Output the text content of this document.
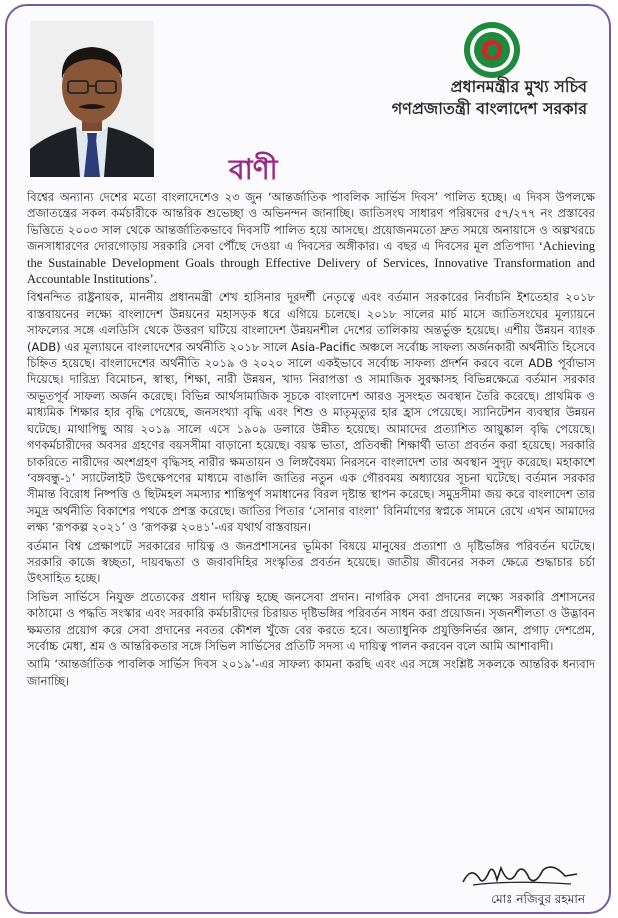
প্রধানমন্ত্রীর মুখ্য সচিব
গণপ্রজাতন্ত্রী বাংলাদেশ সরকার
বাণী

বিশ্বের অন্যান্য দেশের মতো বাংলাদেশেও ২৩ জুন ‘আন্তর্জাতিক পাবলিক সার্ভিস দিবস’ পালিত হচ্ছে। এ দিবস উপলক্ষে প্রজাতন্ত্রের সকল কর্মচারীকে আন্তরিক শুভেচ্ছা ও অভিনন্দন জানাচ্ছি। জাতিসংঘ সাধারণ পরিষদের ৫৭/২৭৭ নং প্রস্তাবের ভিত্তিতে ২০০৩ সাল থেকে আন্তর্জাতিকভাবে দিবসটি পালিত হয়ে আসছে। প্রয়োজনমতো দ্রুত সময়ে অনায়াসে ও অল্পখরচে জনসাধারণের দোরগোড়ায় সরকারি সেবা পৌঁছে দেওয়া এ দিবসের অঙ্গীকার। এ বছর এ দিবসের মূল প্রতিপাদ্য ‘Achieving the Sustainable Development Goals through Effective Delivery of Services, Innovative Transformation and Accountable Institutions’.

বিশ্বনন্দিত রাষ্ট্রনায়ক, মাননীয় প্রধানমন্ত্রী শেখ হাসিনার দূরদর্শী নেতৃত্বে এবং বর্তমান সরকারের নির্বাচনি ইশতেহার ২০১৮ বাস্তবায়নের লক্ষ্যে বাংলাদেশ উন্নয়নের মহাসড়ক ধরে এগিয়ে চলেছে। ২০১৮ সালের মার্চ মাসে জাতিসংঘের মূল্যায়নে সাফল্যের সঙ্গে এলডিসি থেকে উত্তরণ ঘটিয়ে বাংলাদেশ উন্নয়নশীল দেশের তালিকায় অন্তর্ভুক্ত হয়েছে। এশীয় উন্নয়ন ব্যাংক (ADB) এর মূল্যায়নে বাংলাদেশের অর্থনীতি ২০১৮ সালে Asia-Pacific অঞ্চলে সর্বোচ্চ সাফল্য অর্জনকারী অর্থনীতি হিসেবে চিহ্নিত হয়েছে। বাংলাদেশের অর্থনীতি ২০১৯ ও ২০২০ সালে একইভাবে সর্বোচ্চ সাফল্য প্রদর্শন করবে বলে ADB পূর্বাভাস দিয়েছে। দারিদ্র্য বিমোচন, স্বাস্থ্য, শিক্ষা, নারী উন্নয়ন, খাদ্য নিরাপত্তা ও সামাজিক সুরক্ষাসহ বিভিন্নক্ষেত্রে বর্তমান সরকার অভূতপূর্ব সাফল্য অর্জন করেছে। বিভিন্ন আর্থসামাজিক সূচকে বাংলাদেশ আরও সুসংহত অবস্থান তৈরি করেছে। প্রাথমিক ও মাধ্যমিক শিক্ষার হার বৃদ্ধি পেয়েছে, জনসংখ্যা বৃদ্ধি এবং শিশু ও মাতৃমৃত্যুর হার হ্রাস পেয়েছে। স্যানিটেশন ব্যবস্থার উন্নয়ন ঘটেছে। মাথাপিছু আয় ২০১৯ সালে এসে ১৯০৯ ডলারে উন্নীত হয়েছে। আমাদের প্রত্যাশিত আয়ুষ্কাল বৃদ্ধি পেয়েছে। গণকর্মচারীদের অবসর গ্রহণের বয়সসীমা বাড়ানো হয়েছে। বয়স্ক ভাতা, প্রতিবন্ধী শিক্ষার্থী ভাতা প্রবর্তন করা হয়েছে। সরকারি চাকরিতে নারীদের অংশগ্রহণ বৃদ্ধিসহ নারীর ক্ষমতায়ন ও লিঙ্গবৈষম্য নিরসনে বাংলাদেশ তার অবস্থান সুদৃঢ় করেছে। মহাকাশে ‘বঙ্গবন্ধু-১’ স্যাটেলাইট উৎক্ষেপণের মাধ্যমে বাঙালি জাতির নতুন এক গৌরবময় অধ্যায়ের সূচনা ঘটেছে। বর্তমান সরকার সীমান্ত বিরোধ নিষ্পত্তি ও ছিটমহল সমস্যার শান্তিপূর্ণ সমাধানের বিরল দৃষ্টান্ত স্থাপন করেছে। সমুদ্রসীমা জয় করে বাংলাদেশ তার সমুদ্র অর্থনীতি বিকাশের পথকে প্রশস্ত করেছে। জাতির পিতার ‘সোনার বাংলা’ বিনির্মাণের স্বপ্নকে সামনে রেখে এখন আমাদের লক্ষ্য ‘রূপকল্প ২০২১’ ও ‘রূপকল্প ২০৪১’-এর যথার্থ বাস্তবায়ন।

বর্তমান বিশ্ব প্রেক্ষাপটে সরকারের দায়িত্ব ও জনপ্রশাসনের ভূমিকা বিষয়ে মানুষের প্রত্যাশা ও দৃষ্টিভঙ্গির পরিবর্তন ঘটেছে। সরকারি কাজে স্বচ্ছতা, দায়বদ্ধতা ও জবাবদিহির সংস্কৃতির প্রবর্তন হয়েছে। জাতীয় জীবনের সকল ক্ষেত্রে শুদ্ধাচার চর্চা উৎসাহিত হচ্ছে।

সিভিল সার্ভিসে নিযুক্ত প্রত্যেকের প্রধান দায়িত্ব হচ্ছে জনসেবা প্রদান। নাগরিক সেবা প্রদানের লক্ষ্যে সরকারি প্রশাসনের কাঠামো ও পদ্ধতি সংস্কার এবং সরকারি কর্মচারীদের চিরায়ত দৃষ্টিভঙ্গির পরিবর্তন সাধন করা প্রয়োজন। সৃজনশীলতা ও উদ্ভাবন ক্ষমতার প্রয়োগ করে সেবা প্রদানের নবতর কৌশল খুঁজে বের করতে হবে। অত্যাধুনিক প্রযুক্তিনির্ভর জ্ঞান, প্রগাঢ় দেশপ্রেম, সর্বোচ্চ মেধা, শ্রম ও আন্তরিকতার সঙ্গে সিভিল সার্ভিসের প্রতিটি সদস্য এ দায়িত্ব পালন করবেন বলে আমি আশাবাদী।

আমি ‘আন্তর্জাতিক পাবলিক সার্ভিস দিবস ২০১৯’-এর সাফল্য কামনা করছি এবং এর সঙ্গে সংশ্লিষ্ট সকলকে আন্তরিক ধন্যবাদ জানাচ্ছি।

মোঃ নজিবুর রহমান
